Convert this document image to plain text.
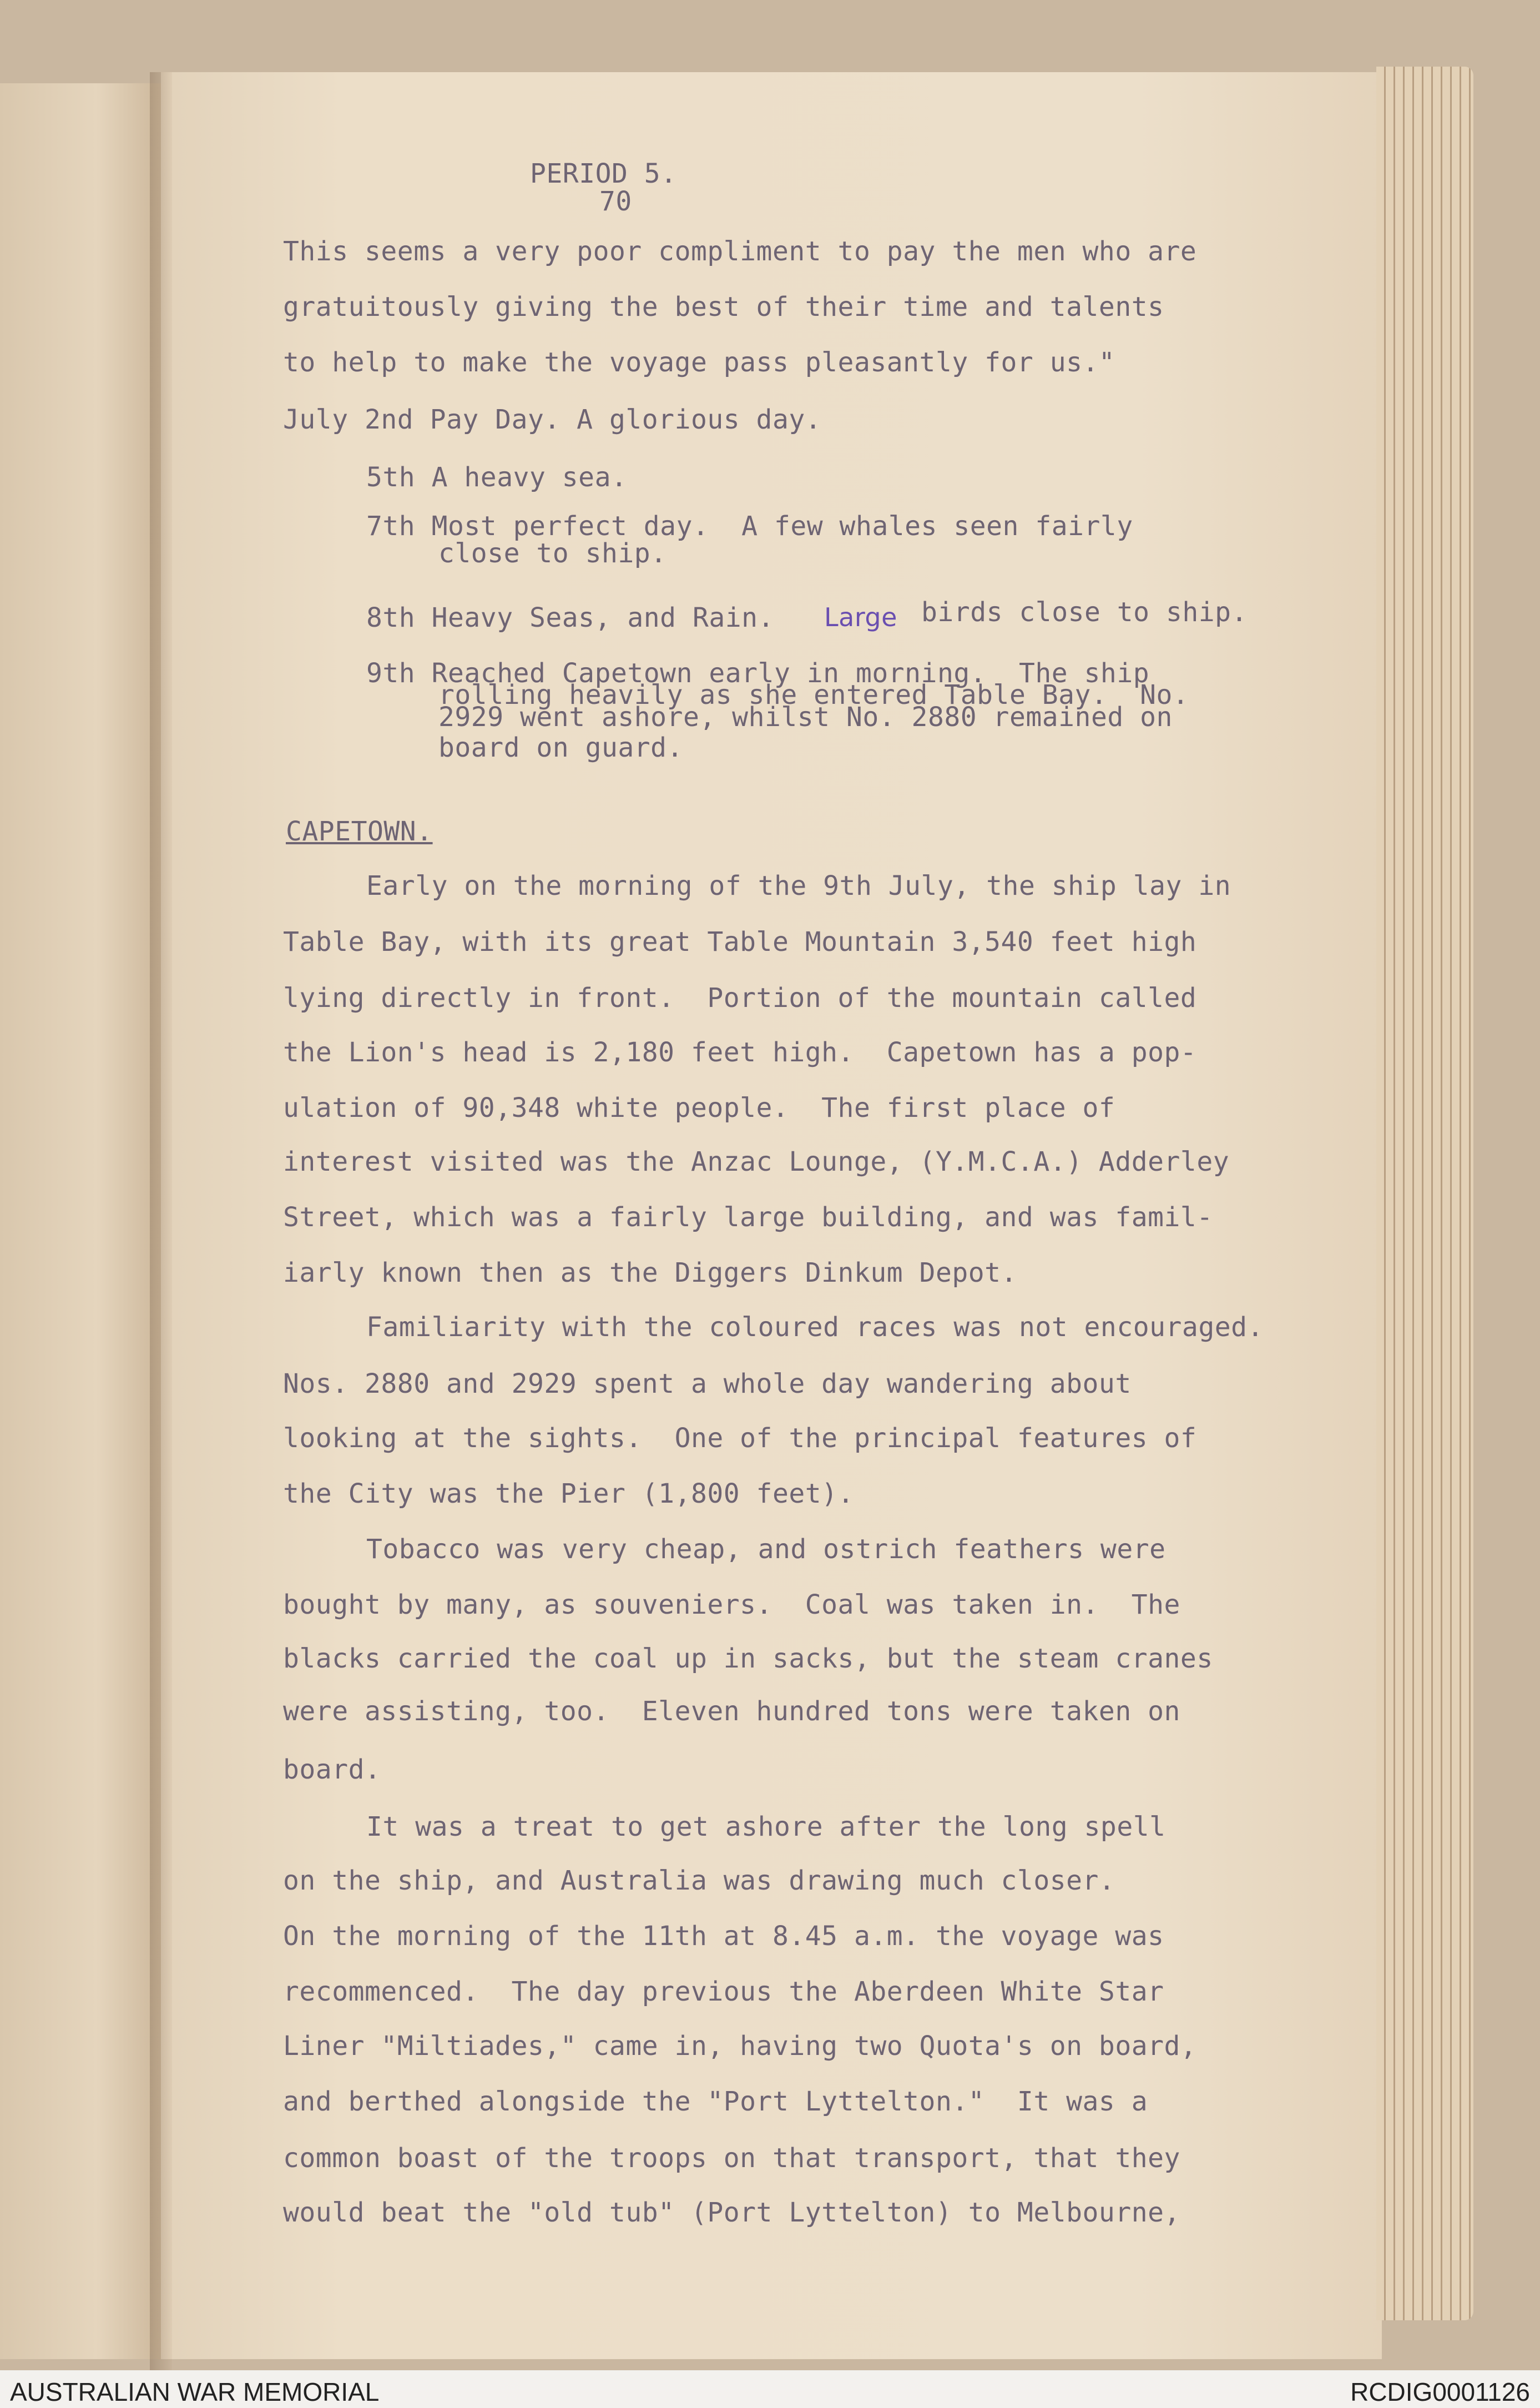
PERIOD 5.
70
This seems a very poor compliment to pay the men who are
gratuitously giving the best of their time and talents
to help to make the voyage pass pleasantly for us."
July 2nd Pay Day. A glorious day.
5th A heavy sea.
7th Most perfect day.  A few whales seen fairly
close to ship.
8th Heavy Seas, and Rain. Large birds close to ship.
9th Reached Capetown early in morning.  The ship
rolling heavily as she entered Table Bay.  No.
2929 went ashore, whilst No. 2880 remained on
board on guard.
CAPETOWN.
Early on the morning of the 9th July, the ship lay in
Table Bay, with its great Table Mountain 3,540 feet high
lying directly in front.  Portion of the mountain called
the Lion's head is 2,180 feet high.  Capetown has a pop-
ulation of 90,348 white people.  The first place of
interest visited was the Anzac Lounge, (Y.M.C.A.) Adderley
Street, which was a fairly large building, and was famil-
iarly known then as the Diggers Dinkum Depot.
Familiarity with the coloured races was not encouraged.
Nos. 2880 and 2929 spent a whole day wandering about
looking at the sights.  One of the principal features of
the City was the Pier (1,800 feet).
Tobacco was very cheap, and ostrich feathers were
bought by many, as souveniers.  Coal was taken in.  The
blacks carried the coal up in sacks, but the steam cranes
were assisting, too.  Eleven hundred tons were taken on
board.
It was a treat to get ashore after the long spell
on the ship, and Australia was drawing much closer.
On the morning of the 11th at 8.45 a.m. the voyage was
recommenced.  The day previous the Aberdeen White Star
Liner "Miltiades," came in, having two Quota's on board,
and berthed alongside the "Port Lyttelton."  It was a
common boast of the troops on that transport, that they
would beat the "old tub" (Port Lyttelton) to Melbourne,
AUSTRALIAN WAR MEMORIAL	RCDIG0001126
